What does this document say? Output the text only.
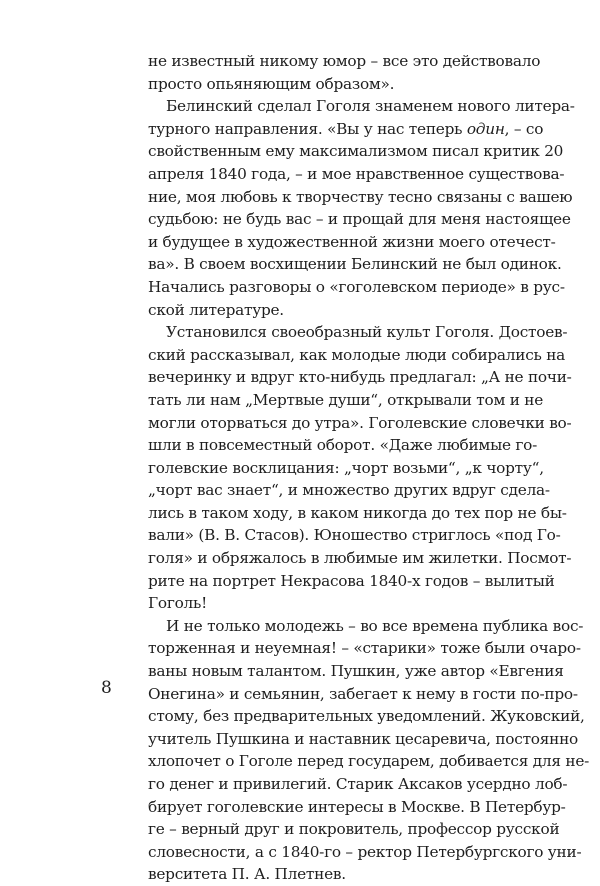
не известный никому юмор – все это действовало
просто опьяняющим образом».
Белинский сделал Гоголя знаменем нового литера-
турного направления. «Вы у нас теперь один, – со
свойственным ему максимализмом писал критик 20
апреля 1840 года, – и мое нравственное существова-
ние, моя любовь к творчеству тесно связаны с вашею
судьбою: не будь вас – и прощай для меня настоящее
и будущее в художественной жизни моего отечест-
ва». В своем восхищении Белинский не был одинок.
Начались разговоры о «гоголевском периоде» в рус-
ской литературе.
Установился своеобразный культ Гоголя. Достоев-
ский рассказывал, как молодые люди собирались на
вечеринку и вдруг кто-нибудь предлагал: „А не почи-
тать ли нам „Мертвые души“, открывали том и не
могли оторваться до утра». Гоголевские словечки во-
шли в повсеместный оборот. «Даже любимые го-
голевские восклицания: „чорт возьми“, „к чорту“,
„чорт вас знает“, и множество других вдруг сдела-
лись в таком ходу, в каком никогда до тех пор не бы-
вали» (В. В. Стасов). Юношество стриглось «под Го-
голя» и обряжалось в любимые им жилетки. Посмот-
рите на портрет Некрасова 1840-х годов – вылитый
Гоголь!
И не только молодежь – во все времена публика вос-
торженная и неуемная! – «старики» тоже были очаро-
ваны новым талантом. Пушкин, уже автор «Евгения
Онегина» и семьянин, забегает к нему в гости по-про-
стому, без предварительных уведомлений. Жуковский,
учитель Пушкина и наставник цесаревича, постоянно
хлопочет о Гоголе перед государем, добивается для не-
го денег и привилегий. Старик Аксаков усердно лоб-
бирует гоголевские интересы в Москве. В Петербур-
ге – верный друг и покровитель, профессор русской
словесности, а с 1840-го – ректор Петербургского уни-
верситета П. А. Плетнев.
8
